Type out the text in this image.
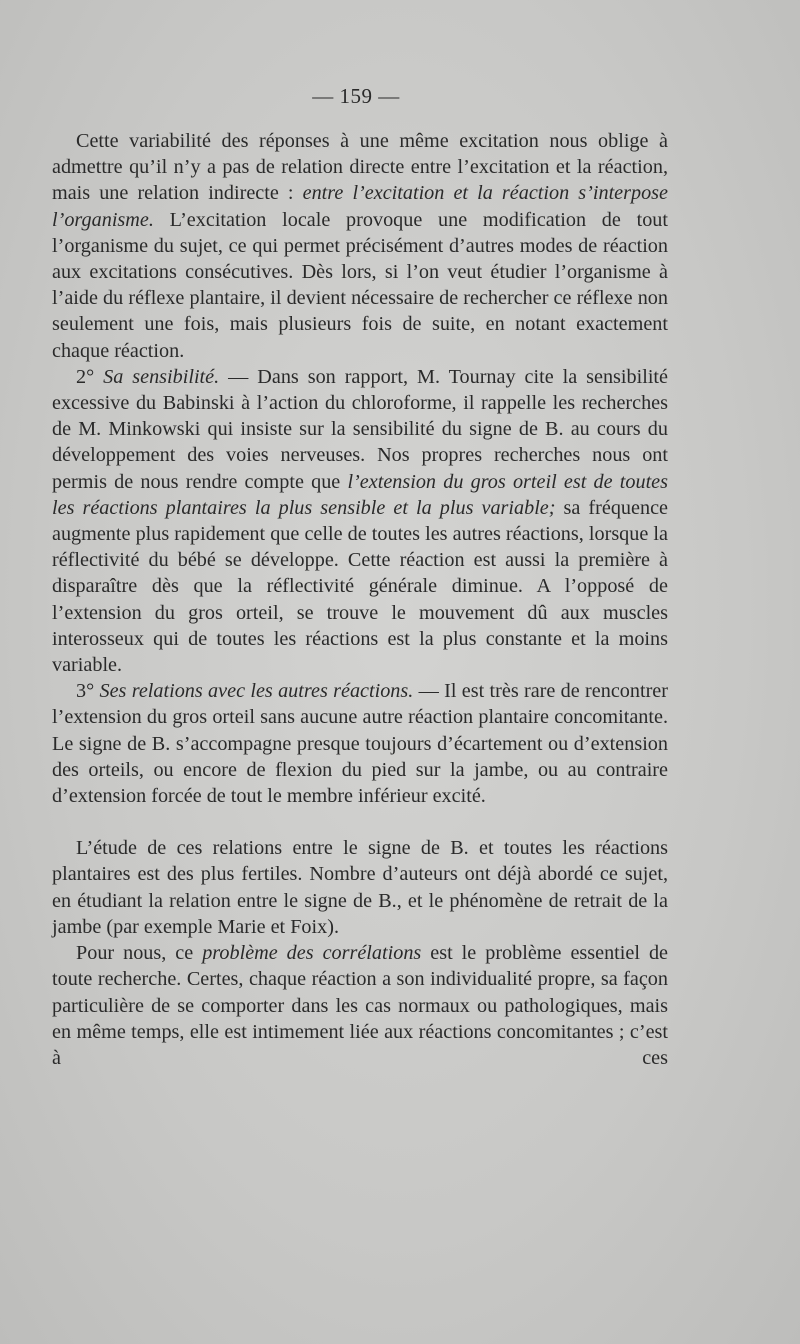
— 159 —

Cette variabilité des réponses à une même excitation nous oblige à admettre qu’il n’y a pas de relation directe entre l’excitation et la réaction, mais une relation indirecte : entre l’excitation et la réaction s’interpose l’organisme. L’excitation locale provoque une modification de tout l’organisme du sujet, ce qui permet précisément d’autres modes de réaction aux excitations consécutives. Dès lors, si l’on veut étudier l’organisme à l’aide du réflexe plantaire, il devient nécessaire de rechercher ce réflexe non seulement une fois, mais plusieurs fois de suite, en notant exactement chaque réaction.

2° Sa sensibilité. — Dans son rapport, M. Tournay cite la sensibilité excessive du Babinski à l’action du chloroforme, il rappelle les recherches de M. Minkowski qui insiste sur la sensibilité du signe de B. au cours du développement des voies nerveuses. Nos propres recherches nous ont permis de nous rendre compte que l’extension du gros orteil est de toutes les réactions plantaires la plus sensible et la plus variable; sa fréquence augmente plus rapidement que celle de toutes les autres réactions, lorsque la réflectivité du bébé se développe. Cette réaction est aussi la première à disparaître dès que la réflectivité générale diminue. A l’opposé de l’extension du gros orteil, se trouve le mouvement dû aux muscles interosseux qui de toutes les réactions est la plus constante et la moins variable.

3° Ses relations avec les autres réactions. — Il est très rare de rencontrer l’extension du gros orteil sans aucune autre réaction plantaire concomitante. Le signe de B. s’accompagne presque toujours d’écartement ou d’extension des orteils, ou encore de flexion du pied sur la jambe, ou au contraire d’extension forcée de tout le membre inférieur excité.

L’étude de ces relations entre le signe de B. et toutes les réactions plantaires est des plus fertiles. Nombre d’auteurs ont déjà abordé ce sujet, en étudiant la relation entre le signe de B., et le phénomène de retrait de la jambe (par exemple Marie et Foix).

Pour nous, ce problème des corrélations est le problème essentiel de toute recherche. Certes, chaque réaction a son individualité propre, sa façon particulière de se comporter dans les cas normaux ou pathologiques, mais en même temps, elle est intimement liée aux réactions concomitantes ; c’est à ces
